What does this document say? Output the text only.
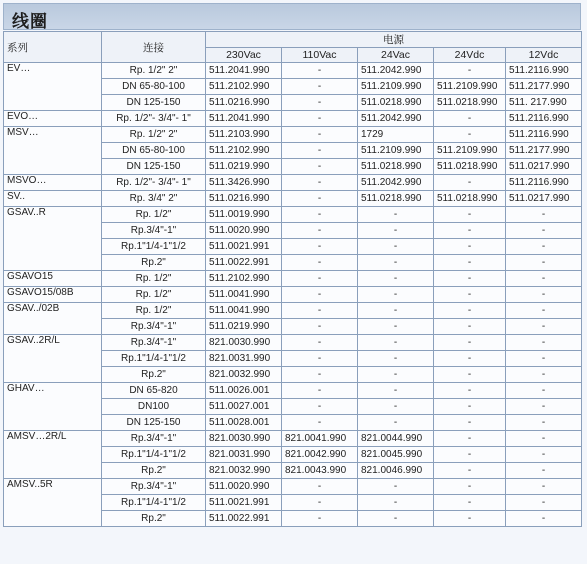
线圈
系列	连接	电源				
		230Vac	110Vac	24Vac	24Vdc	12Vdc
EV…	Rp. 1/2" 2"	511.2041.990	-	511.2042.990	-	511.2116.990
	DN 65-80-100	511.2102.990	-	511.2109.990	511.2109.990	511.2177.990
	DN 125-150	511.0216.990	-	511.0218.990	511.0218.990	511. 217.990
EVO…	Rp. 1/2"- 3/4"- 1"	511.2041.990	-	511.2042.990	-	511.2116.990
MSV…	Rp. 1/2" 2"	511.2103.990	-	1729	-	511.2116.990
	DN 65-80-100	511.2102.990	-	511.2109.990	511.2109.990	511.2177.990
	DN 125-150	511.0219.990	-	511.0218.990	511.0218.990	511.0217.990
MSVO…	Rp. 1/2"- 3/4"- 1"	511.3426.990	-	511.2042.990	-	511.2116.990
SV..	Rp. 3/4" 2"	511.0216.990	-	511.0218.990	511.0218.990	511.0217.990
GSAV..R	Rp. 1/2"	511.0019.990	-	-	-	-
	Rp.3/4"-1"	511.0020.990	-	-	-	-
	Rp.1"1/4-1"1/2	511.0021.991	-	-	-	-
	Rp.2"	511.0022.991	-	-	-	-
GSAVO15	Rp. 1/2"	511.2102.990	-	-	-	-
GSAVO15/08B	Rp. 1/2"	511.0041.990	-	-	-	-
GSAV../02B	Rp. 1/2"	511.0041.990	-	-	-	-
	Rp.3/4"-1"	511.0219.990	-	-	-	-
GSAV..2R/L	Rp.3/4"-1"	821.0030.990	-	-	-	-
	Rp.1"1/4-1"1/2	821.0031.990	-	-	-	-
	Rp.2"	821.0032.990	-	-	-	-
GHAV…	DN 65-820	511.0026.001	-	-	-	-
	DN100	511.0027.001	-	-	-	-
	DN 125-150	511.0028.001	-	-	-	-
AMSV…2R/L	Rp.3/4"-1"	821.0030.990	821.0041.990	821.0044.990	-	-
	Rp.1"1/4-1"1/2	821.0031.990	821.0042.990	821.0045.990	-	-
	Rp.2"	821.0032.990	821.0043.990	821.0046.990	-	-
AMSV..5R	Rp.3/4"-1"	511.0020.990	-	-	-	-
	Rp.1"1/4-1"1/2	511.0021.991	-	-	-	-
	Rp.2"	511.0022.991	-	-	-	-
